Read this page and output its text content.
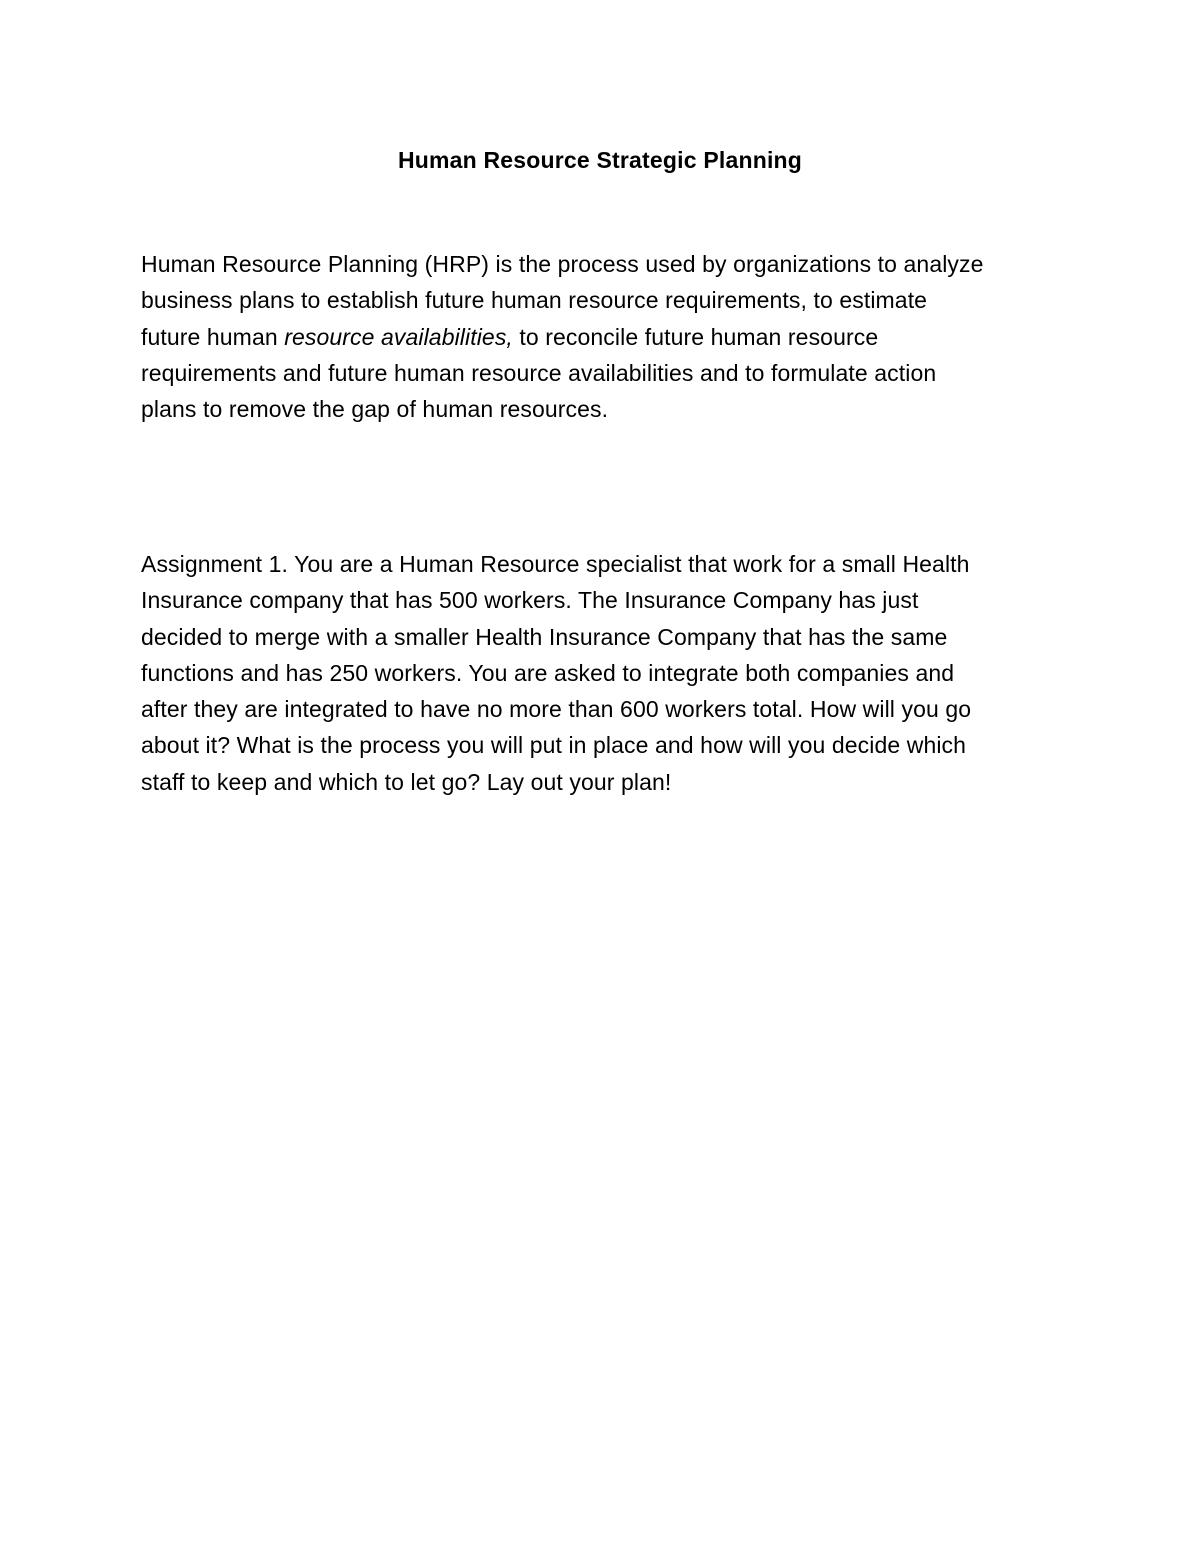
Human Resource Strategic Planning

Human Resource Planning (HRP) is the process used by organizations to analyze

business plans to establish future human resource requirements, to estimate

future human resource availabilities, to reconcile future human resource

requirements and future human resource availabilities and to formulate action

plans to remove the gap of human resources.

Assignment 1. You are a Human Resource specialist that work for a small Health

Insurance company that has 500 workers. The Insurance Company has just

decided to merge with a smaller Health Insurance Company that has the same

functions and has 250 workers. You are asked to integrate both companies and

after they are integrated to have no more than 600 workers total. How will you go

about it? What is the process you will put in place and how will you decide which

staff to keep and which to let go? Lay out your plan!
